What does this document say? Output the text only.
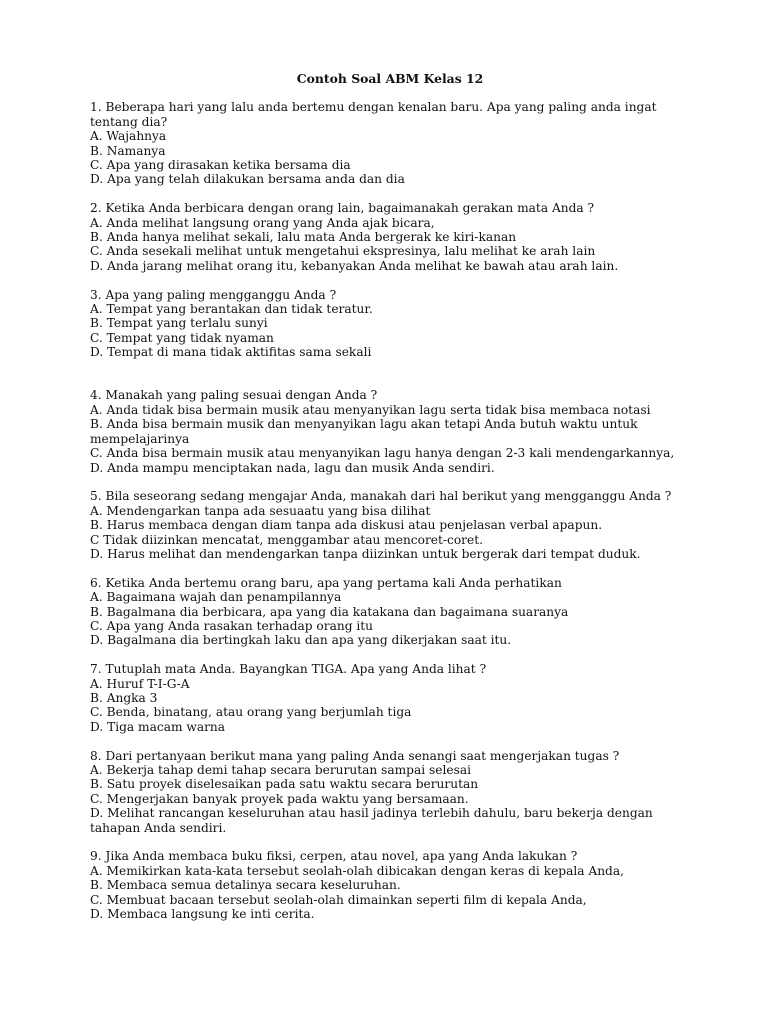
Contoh Soal ABM Kelas 12
1. Beberapa hari yang lalu anda bertemu dengan kenalan baru. Apa yang paling anda ingat tentang dia?
A. Wajahnya
B. Namanya
C. Apa yang dirasakan ketika bersama dia
D. Apa yang telah dilakukan bersama anda dan dia
2. Ketika Anda berbicara dengan orang lain, bagaimanakah gerakan mata Anda ?
A. Anda melihat langsung orang yang Anda ajak bicara,
B. Anda hanya melihat sekali, lalu mata Anda bergerak ke kiri-kanan
C. Anda sesekali melihat untuk mengetahui ekspresinya, lalu melihat ke arah lain
D. Anda jarang melihat orang itu, kebanyakan Anda melihat ke bawah atau arah lain.
3. Apa yang paling mengganggu Anda ?
A. Tempat yang berantakan dan tidak teratur.
B. Tempat yang terlalu sunyi
C. Tempat yang tidak nyaman
D. Tempat di mana tidak aktifitas sama sekali
4. Manakah yang paling sesuai dengan Anda ?
A. Anda tidak bisa bermain musik atau menyanyikan lagu serta tidak bisa membaca notasi
B. Anda bisa bermain musik dan menyanyikan lagu akan tetapi Anda butuh waktu untuk mempelajarinya
C. Anda bisa bermain musik atau menyanyikan lagu hanya dengan 2-3 kali mendengarkannya,
D. Anda mampu menciptakan nada, lagu dan musik Anda sendiri.
5. Bila seseorang sedang mengajar Anda, manakah dari hal berikut yang mengganggu Anda ?
A. Mendengarkan tanpa ada sesuaatu yang bisa dilihat
B. Harus membaca dengan diam tanpa ada diskusi atau penjelasan verbal apapun.
C Tidak diizinkan mencatat, menggambar atau mencoret-coret.
D. Harus melihat dan mendengarkan tanpa diizinkan untuk bergerak dari tempat duduk.
6. Ketika Anda bertemu orang baru, apa yang pertama kali Anda perhatikan
A. Bagaimana wajah dan penampilannya
B. Bagalmana dia berbicara, apa yang dia katakana dan bagaimana suaranya
C. Apa yang Anda rasakan terhadap orang itu
D. Bagalmana dia bertingkah laku dan apa yang dikerjakan saat itu.
7. Tutuplah mata Anda. Bayangkan TIGA. Apa yang Anda lihat ?
A. Huruf T-I-G-A
B. Angka 3
C. Benda, binatang, atau orang yang berjumlah tiga
D. Tiga macam warna
8. Dari pertanyaan berikut mana yang paling Anda senangi saat mengerjakan tugas ?
A. Bekerja tahap demi tahap secara berurutan sampai selesai
B. Satu proyek diselesaikan pada satu waktu secara berurutan
C. Mengerjakan banyak proyek pada waktu yang bersamaan.
D. Melihat rancangan keseluruhan atau hasil jadinya terlebih dahulu, baru bekerja dengan tahapan Anda sendiri.
9. Jika Anda membaca buku fiksi, cerpen, atau novel, apa yang Anda lakukan ?
A. Memikirkan kata-kata tersebut seolah-olah dibicakan dengan keras di kepala Anda,
B. Membaca semua detalinya secara keseluruhan.
C. Membuat bacaan tersebut seolah-olah dimainkan seperti film di kepala Anda,
D. Membaca langsung ke inti cerita.
